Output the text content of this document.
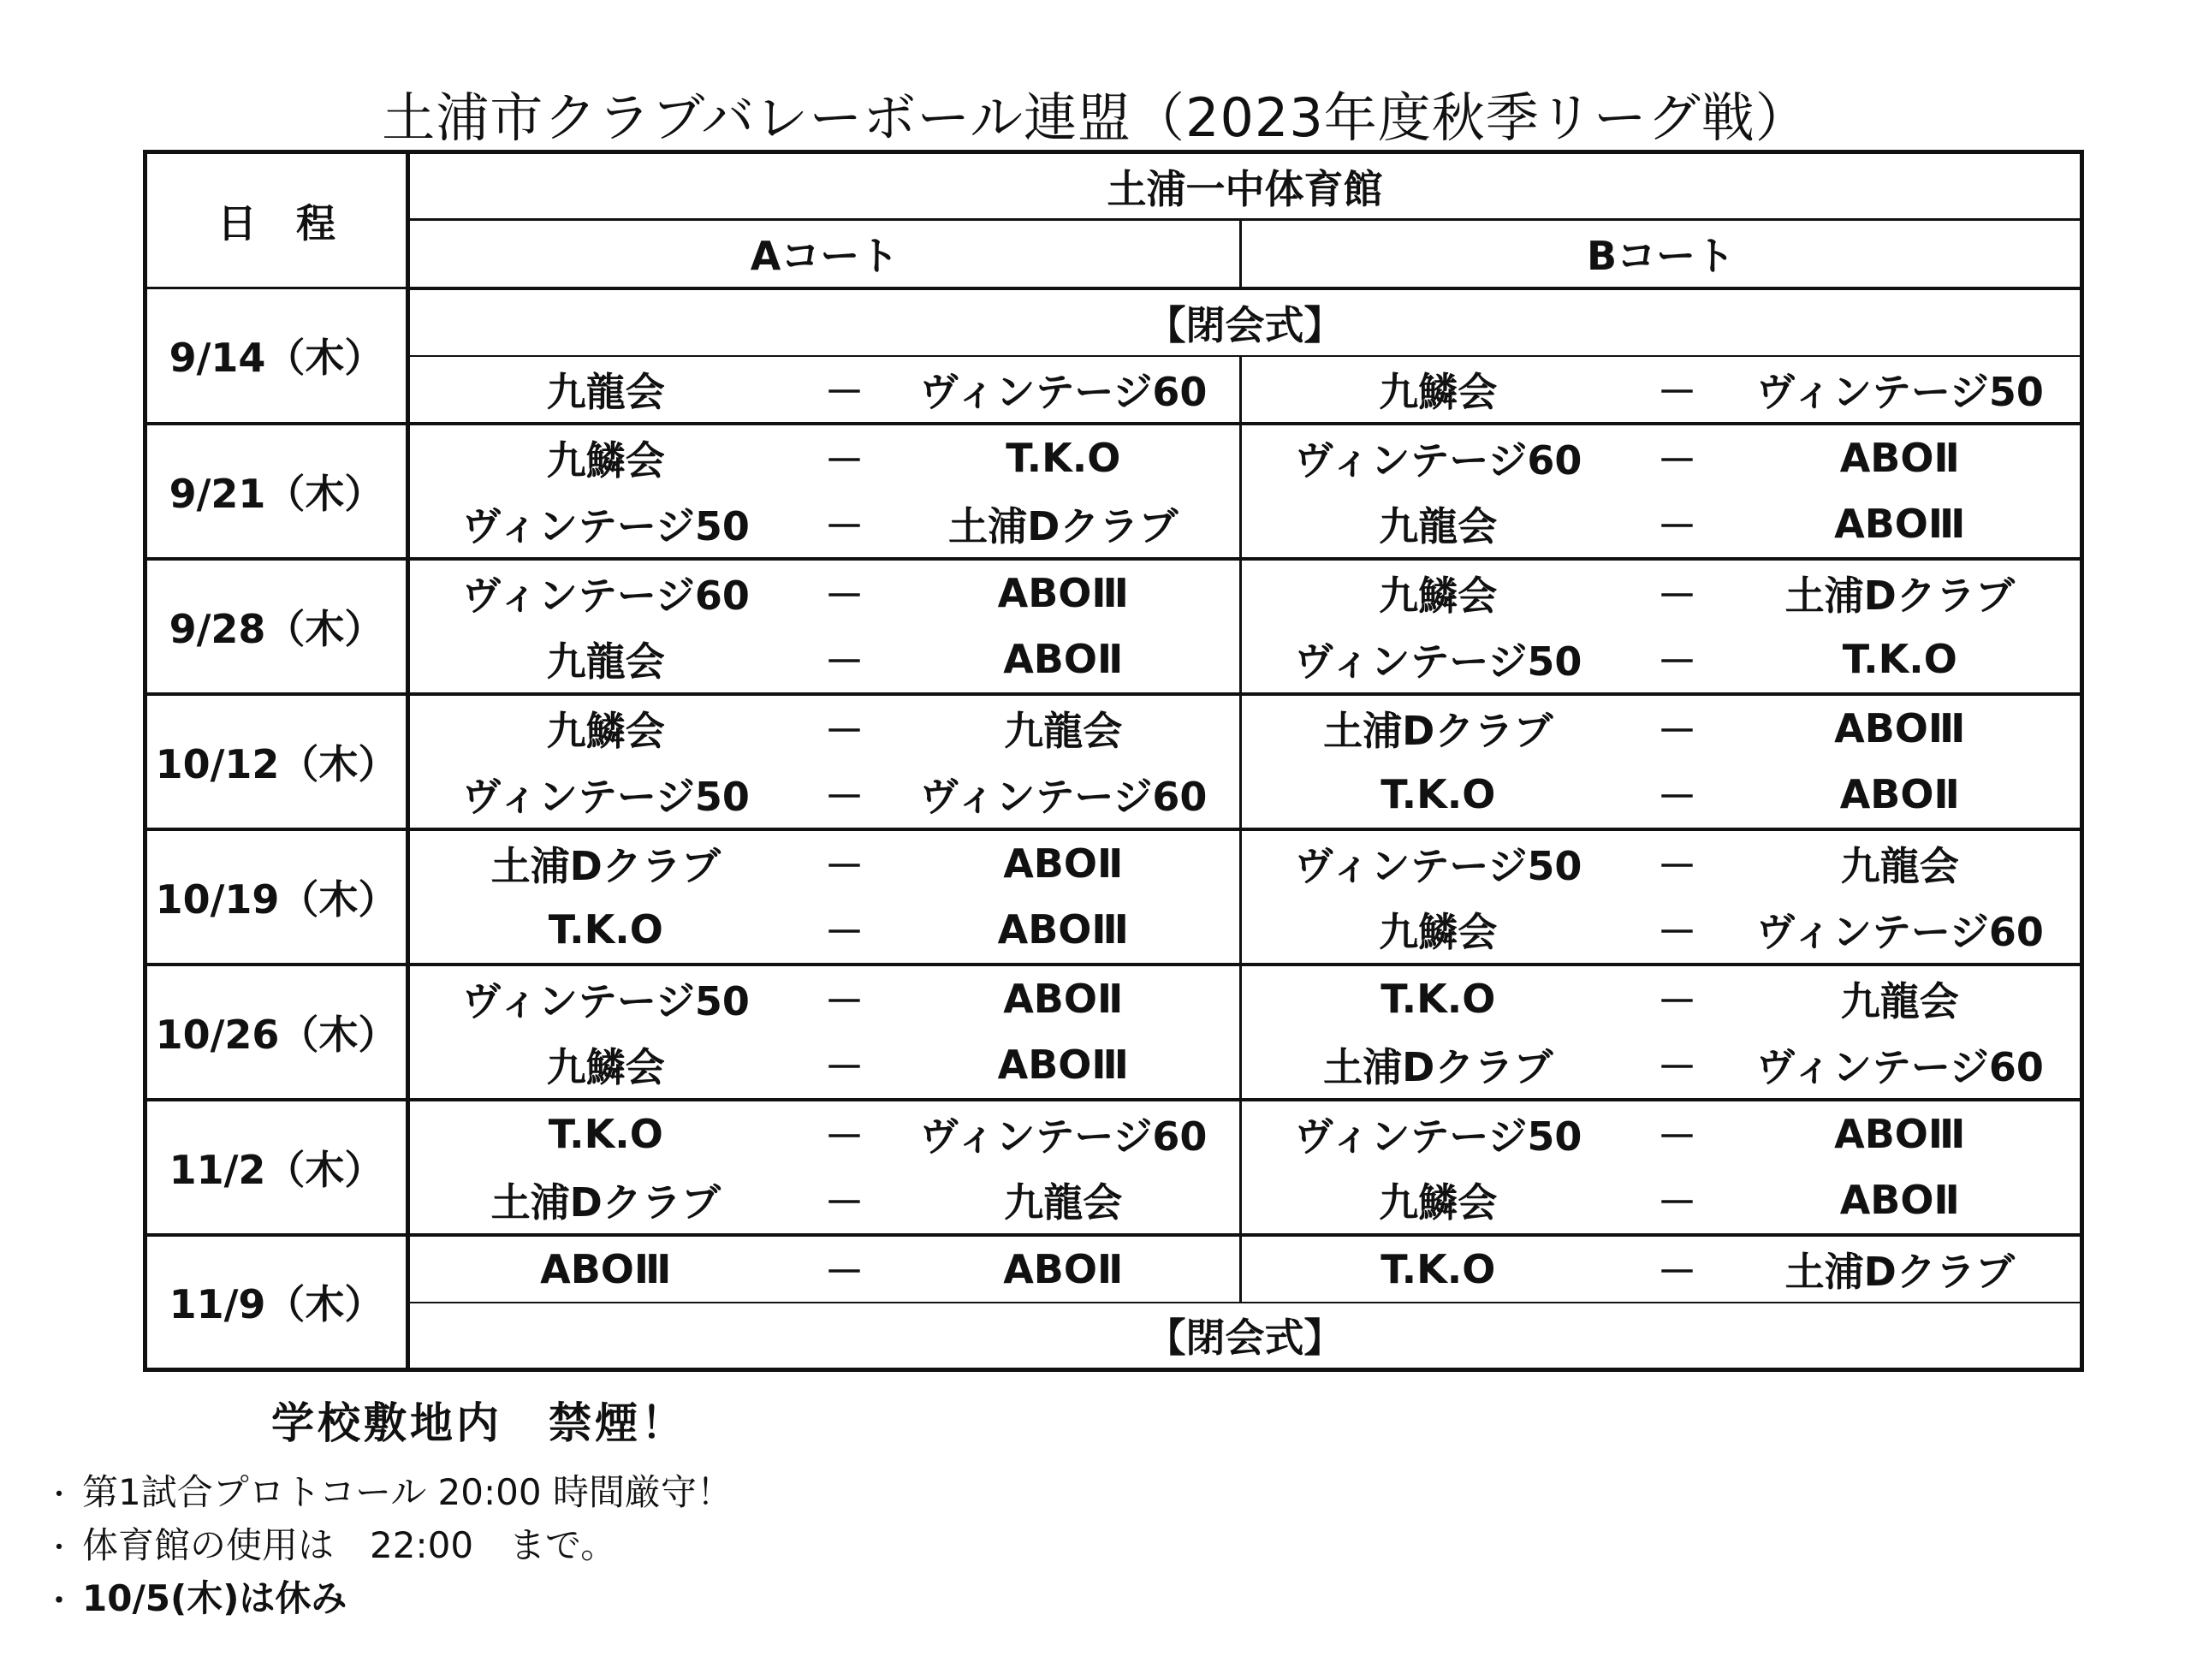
土浦市クラブバレーボール連盟（2023年度秋季リーグ戦）
日　程	土浦一中体育館					
	Aコート			Bコート		
9/14（木）	【閉会式】					
	九龍会	－	ヴィンテージ60	九鱗会	－	ヴィンテージ50
9/21（木）	九鱗会	－	T.K.O	ヴィンテージ60	－	ABOⅡ
	ヴィンテージ50	－	土浦Dクラブ	九龍会	－	ABOⅢ
9/28（木）	ヴィンテージ60	－	ABOⅢ	九鱗会	－	土浦Dクラブ
	九龍会	－	ABOⅡ	ヴィンテージ50	－	T.K.O
10/12（木）	九鱗会	－	九龍会	土浦Dクラブ	－	ABOⅢ
	ヴィンテージ50	－	ヴィンテージ60	T.K.O	－	ABOⅡ
10/19（木）	土浦Dクラブ	－	ABOⅡ	ヴィンテージ50	－	九龍会
	T.K.O	－	ABOⅢ	九鱗会	－	ヴィンテージ60
10/26（木）	ヴィンテージ50	－	ABOⅡ	T.K.O	－	九龍会
	九鱗会	－	ABOⅢ	土浦Dクラブ	－	ヴィンテージ60
11/2（木）	T.K.O	－	ヴィンテージ60	ヴィンテージ50	－	ABOⅢ
	土浦Dクラブ	－	九龍会	九鱗会	－	ABOⅡ
11/9（木）	ABOⅢ	－	ABOⅡ	T.K.O	－	土浦Dクラブ
	【閉会式】					
学校敷地内　禁煙！
・ 第1試合プロトコール 20:00 時間厳守！
・ 体育館の使用は　22:00　まで。
・ 10/5(木)は休み
